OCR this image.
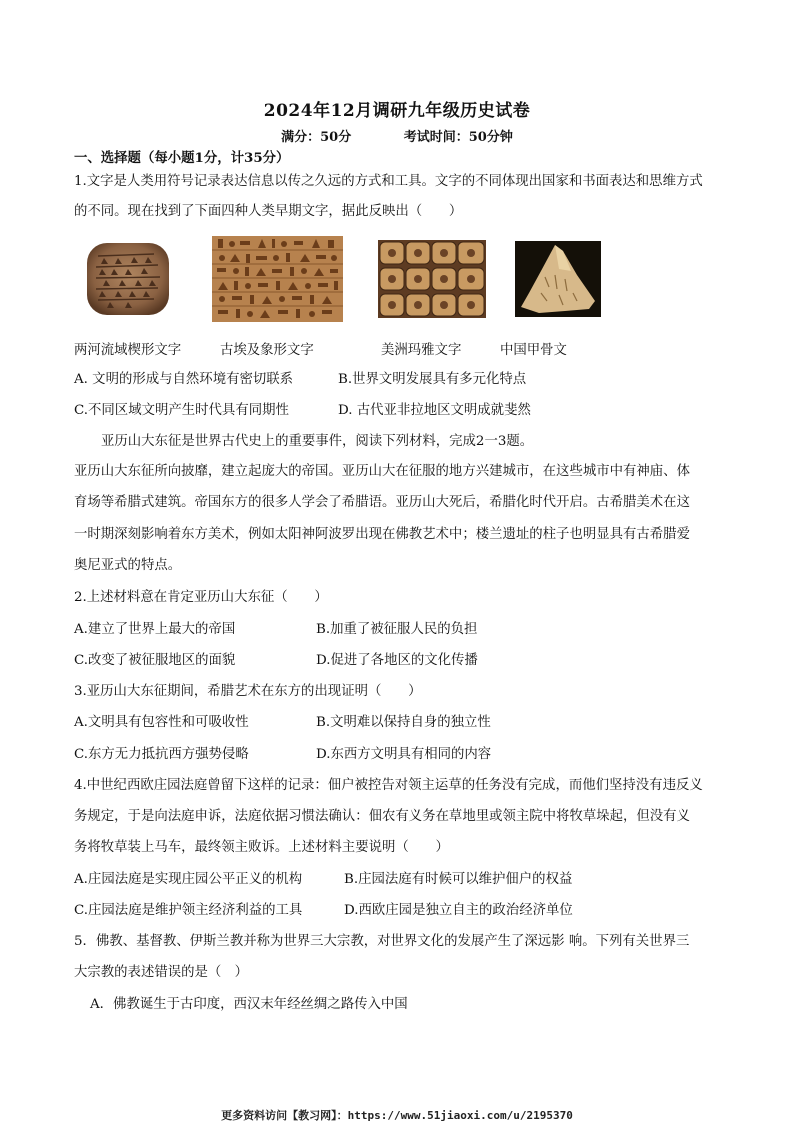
2024年12月调研九年级历史试卷
满分：50分	考试时间：50分钟
一、选择题（每小题1分，计35分）
1.文字是人类用符号记录表达信息以传之久远的方式和工具。文字的不同体现出国家和书面表达和思维方式
的不同。现在找到了下面四种人类早期文字，据此反映出（　　）
两河流域楔形文字	古埃及象形文字	美洲玛雅文字	中国甲骨文
A. 文明的形成与自然环境有密切联系	B.世界文明发展具有多元化特点
C.不同区域文明产生时代具有同期性	D. 古代亚非拉地区文明成就斐然
亚历山大东征是世界古代史上的重要事件，阅读下列材料，完成2一3题。
亚历山大东征所向披靡，建立起庞大的帝国。亚历山大在征服的地方兴建城市，在这些城市中有神庙、体
育场等希腊式建筑。帝国东方的很多人学会了希腊语。亚历山大死后，希腊化时代开启。古希腊美术在这
一时期深刻影响着东方美术，例如太阳神阿波罗出现在佛教艺术中；楼兰遗址的柱子也明显具有古希腊爱
奥尼亚式的特点。
2.上述材料意在肯定亚历山大东征（　　）
A.建立了世界上最大的帝国	B.加重了被征服人民的负担
C.改变了被征服地区的面貌	D.促进了各地区的文化传播
3.亚历山大东征期间，希腊艺术在东方的出现证明（　　）
A.文明具有包容性和可吸收性	B.文明难以保持自身的独立性
C.东方无力抵抗西方强势侵略	D.东西方文明具有相同的内容
4.中世纪西欧庄园法庭曾留下这样的记录：佃户被控告对领主运草的任务没有完成，而他们坚持没有违反义
务规定，于是向法庭申诉，法庭依据习惯法确认：佃农有义务在草地里或领主院中将牧草垛起，但没有义
务将牧草装上马车，最终领主败诉。上述材料主要说明（　　）
A.庄园法庭是实现庄园公平正义的机构	B.庄园法庭有时候可以维护佃户的权益
C.庄园法庭是维护领主经济利益的工具	D.西欧庄园是独立自主的政治经济单位
5．佛教、基督教、伊斯兰教并称为世界三大宗教，对世界文化的发展产生了深远影 响。下列有关世界三
大宗教的表述错误的是（　）
A．佛教诞生于古印度，西汉末年经丝绸之路传入中国
更多资料访问【教习网】：https://www.51jiaoxi.com/u/2195370
